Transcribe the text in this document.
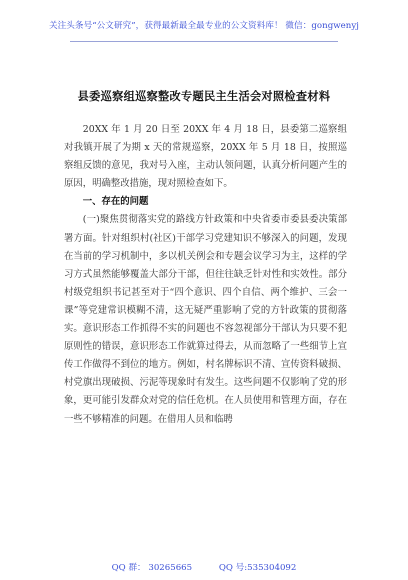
关注头条号“公文研究”，获得最新最全最专业的公文资料库！ 微信：gongwenyj
县委巡察组巡察整改专题民主生活会对照检查材料

20XX 年 1 月 20 日至 20XX 年 4 月 18 日，县委第二巡察组对我镇开展了为期 x 天的常规巡察，20XX 年 5 月 18 日，按照巡察组反馈的意见，我对号入座，主动认领问题，认真分析问题产生的原因，明确整改措施，现对照检查如下。

一、存在的问题

(一)聚焦贯彻落实党的路线方针政策和中央省委市委县委决策部署方面。针对组织村(社区)干部学习党建知识不够深入的问题，发现在当前的学习机制中，多以机关例会和专题会议学习为主，这样的学习方式虽然能够覆盖大部分干部，但往往缺乏针对性和实效性。部分村级党组织书记甚至对于“四个意识、四个自信、两个维护、三会一课”等党建常识模糊不清，这无疑严重影响了党的方针政策的贯彻落实。意识形态工作抓得不实的问题也不容忽视部分干部认为只要不犯原则性的错误，意识形态工作就算过得去，从而忽略了一些细节上宣传工作做得不到位的地方。例如，村名牌标识不清、宣传资料破损、村党旗出现破损、污泥等现象时有发生。这些问题不仅影响了党的形象，更可能引发群众对党的信任危机。在人员使用和管理方面，存在一些不够精准的问题。在借用人员和临聘

QQ 群： 30265665	QQ 号:535304092
